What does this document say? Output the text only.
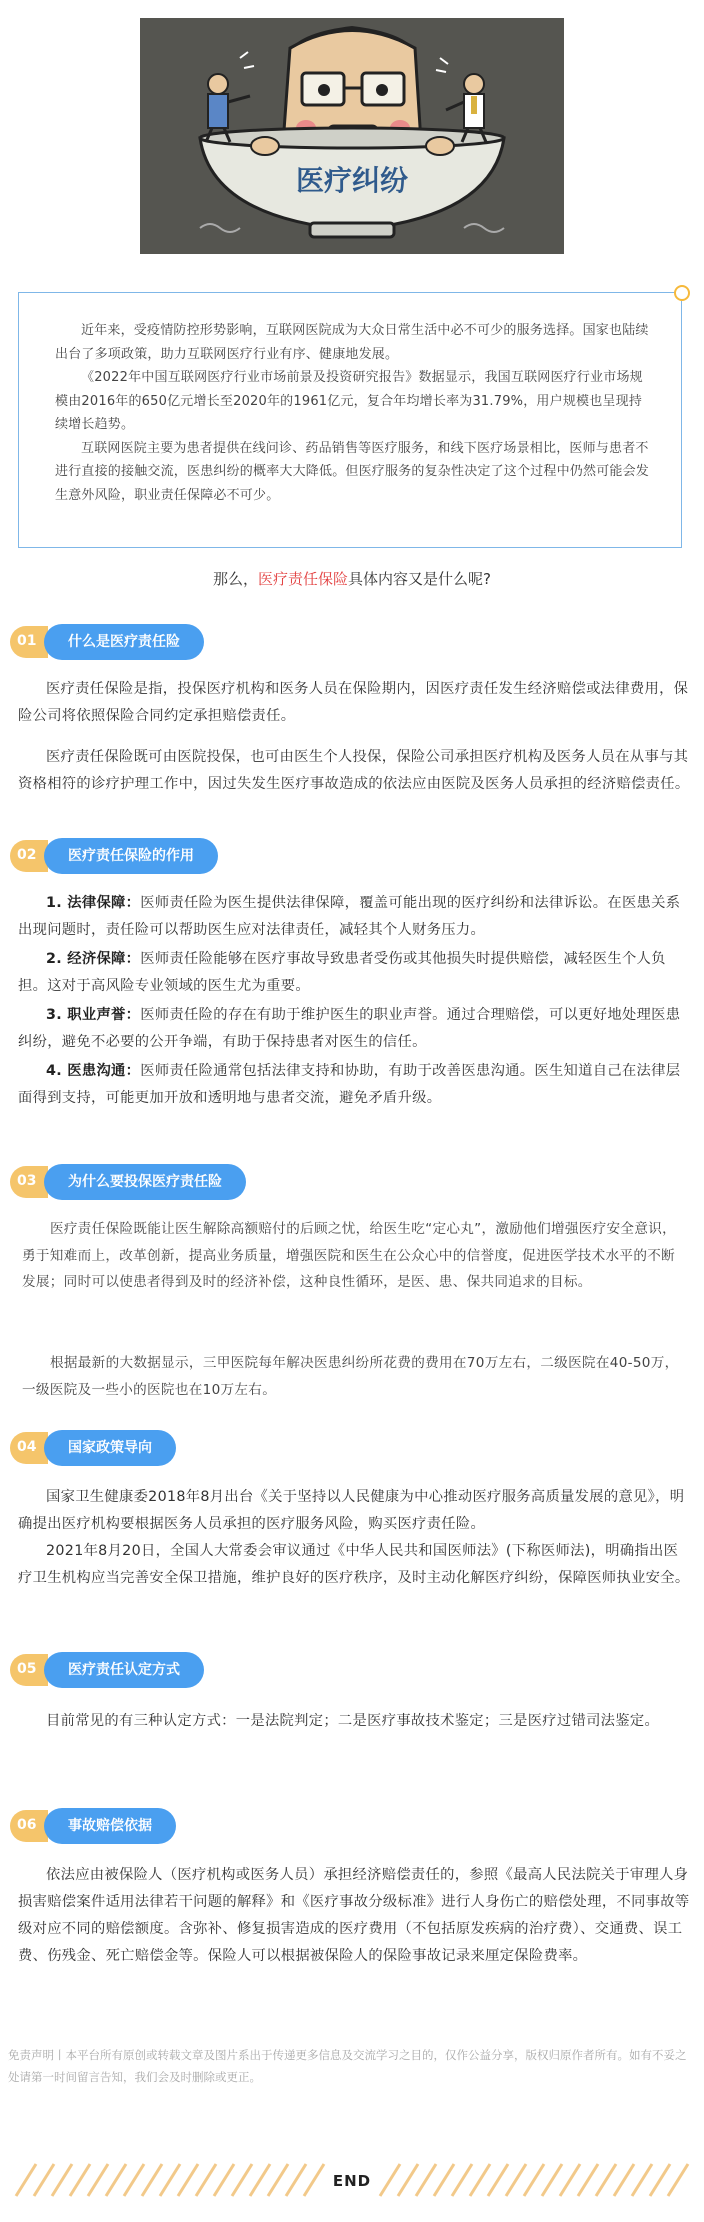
医疗纠纷

近年来，受疫情防控形势影响，互联网医院成为大众日常生活中必不可少的服务选择。国家也陆续出台了多项政策，助力互联网医疗行业有序、健康地发展。

《2022年中国互联网医疗行业市场前景及投资研究报告》数据显示，我国互联网医疗行业市场规模由2016年的650亿元增长至2020年的1961亿元，复合年均增长率为31.79%，用户规模也呈现持续增长趋势。

互联网医院主要为患者提供在线问诊、药品销售等医疗服务，和线下医疗场景相比，医师与患者不进行直接的接触交流，医患纠纷的概率大大降低。但医疗服务的复杂性决定了这个过程中仍然可能会发生意外风险，职业责任保障必不可少。

那么，医疗责任保险具体内容又是什么呢?
01	什么是医疗责任险

医疗责任保险是指，投保医疗机构和医务人员在保险期内，因医疗责任发生经济赔偿或法律费用，保险公司将依照保险合同约定承担赔偿责任。

医疗责任保险既可由医院投保，也可由医生个人投保，保险公司承担医疗机构及医务人员在从事与其资格相符的诊疗护理工作中，因过失发生医疗事故造成的依法应由医院及医务人员承担的经济赔偿责任。

02	医疗责任保险的作用

1. 法律保障：医师责任险为医生提供法律保障，覆盖可能出现的医疗纠纷和法律诉讼。在医患关系出现问题时，责任险可以帮助医生应对法律责任，减轻其个人财务压力。

2. 经济保障：医师责任险能够在医疗事故导致患者受伤或其他损失时提供赔偿，减轻医生个人负担。这对于高风险专业领域的医生尤为重要。

3. 职业声誉：医师责任险的存在有助于维护医生的职业声誉。通过合理赔偿，可以更好地处理医患纠纷，避免不必要的公开争端，有助于保持患者对医生的信任。

4. 医患沟通：医师责任险通常包括法律支持和协助，有助于改善医患沟通。医生知道自己在法律层面得到支持，可能更加开放和透明地与患者交流，避免矛盾升级。

03	为什么要投保医疗责任险

医疗责任保险既能让医生解除高额赔付的后顾之忧，给医生吃“定心丸”，激励他们增强医疗安全意识，勇于知难而上，改革创新，提高业务质量，增强医院和医生在公众心中的信誉度，促进医学技术水平的不断发展；同时可以使患者得到及时的经济补偿，这种良性循环，是医、患、保共同追求的目标。

根据最新的大数据显示，三甲医院每年解决医患纠纷所花费的费用在70万左右，二级医院在40-50万，一级医院及一些小的医院也在10万左右。

04	国家政策导向

国家卫生健康委2018年8月出台《关于坚持以人民健康为中心推动医疗服务高质量发展的意见》，明确提出医疗机构要根据医务人员承担的医疗服务风险，购买医疗责任险。

2021年8月20日，全国人大常委会审议通过《中华人民共和国医师法》(下称医师法)，明确指出医疗卫生机构应当完善安全保卫措施，维护良好的医疗秩序，及时主动化解医疗纠纷，保障医师执业安全。

05	医疗责任认定方式

目前常见的有三种认定方式：一是法院判定；二是医疗事故技术鉴定；三是医疗过错司法鉴定。

06	事故赔偿依据

依法应由被保险人（医疗机构或医务人员）承担经济赔偿责任的，参照《最高人民法院关于审理人身损害赔偿案件适用法律若干问题的解释》和《医疗事故分级标准》进行人身伤亡的赔偿处理，不同事故等级对应不同的赔偿额度。含弥补、修复损害造成的医疗费用（不包括原发疾病的治疗费）、交通费、误工费、伤残金、死亡赔偿金等。保险人可以根据被保险人的保险事故记录来厘定保险费率。

免责声明丨本平台所有原创或转载文章及图片系出于传递更多信息及交流学习之目的，仅作公益分享，版权归原作者所有。如有不妥之处请第一时间留言告知，我们会及时删除或更正。

END
